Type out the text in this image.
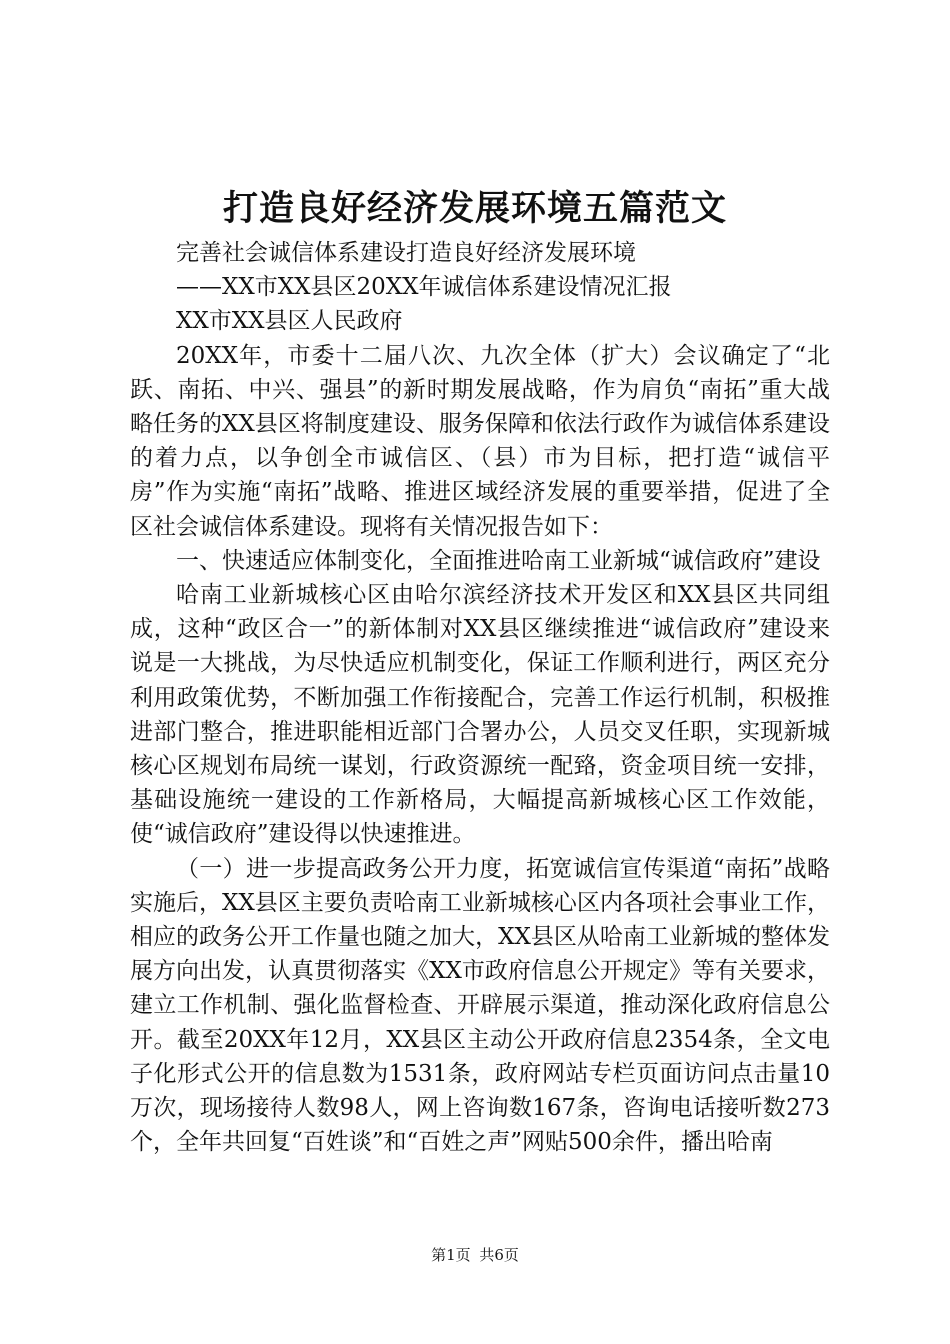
打造良好经济发展环境五篇范文

完善社会诚信体系建设打造良好经济发展环境

——XX市XX县区20XX年诚信体系建设情况汇报

XX市XX县区人民政府

20XX年，市委十二届八次、九次全体（扩大）会议确定了“北跃、南拓、中兴、强县”的新时期发展战略，作为肩负“南拓”重大战略任务的XX县区将制度建设、服务保障和依法行政作为诚信体系建设的着力点，以争创全市诚信区、（县）市为目标，把打造“诚信平房”作为实施“南拓”战略、推进区域经济发展的重要举措，促进了全区社会诚信体系建设。现将有关情况报告如下：

一、快速适应体制变化，全面推进哈南工业新城“诚信政府”建设

哈南工业新城核心区由哈尔滨经济技术开发区和XX县区共同组成，这种“政区合一”的新体制对XX县区继续推进“诚信政府”建设来说是一大挑战，为尽快适应机制变化，保证工作顺利进行，两区充分利用政策优势，不断加强工作衔接配合，完善工作运行机制，积极推进部门整合，推进职能相近部门合署办公，人员交叉任职，实现新城核心区规划布局统一谋划，行政资源统一配臵，资金项目统一安排，基础设施统一建设的工作新格局，大幅提高新城核心区工作效能，使“诚信政府”建设得以快速推进。

（一）进一步提高政务公开力度，拓宽诚信宣传渠道“南拓”战略实施后，XX县区主要负责哈南工业新城核心区内各项社会事业工作，相应的政务公开工作量也随之加大，XX县区从哈南工业新城的整体发展方向出发，认真贯彻落实《XX市政府信息公开规定》等有关要求，建立工作机制、强化监督检查、开辟展示渠道，推动深化政府信息公开。截至20XX年12月，XX县区主动公开政府信息2354条，全文电子化形式公开的信息数为1531条，政府网站专栏页面访问点击量10万次，现场接待人数98人，网上咨询数167条，咨询电话接听数273个，全年共回复“百姓谈”和“百姓之声”网贴500余件，播出哈南

第1页 共6页
